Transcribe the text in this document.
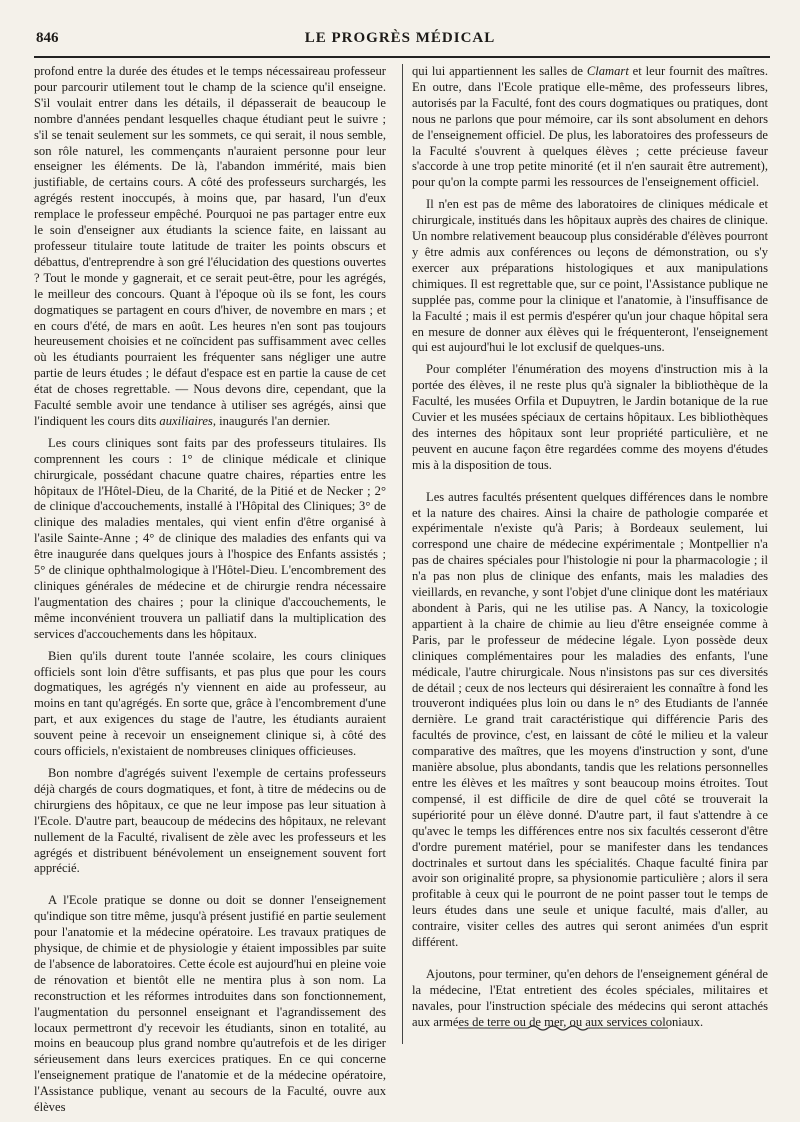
846	LE PROGRÈS MÉDICAL

profond entre la durée des études et le temps nécessaireau professeur pour parcourir utilement tout le champ de la science qu'il enseigne. S'il voulait entrer dans les détails, il dépasserait de beaucoup le nombre d'années pendant lesquelles chaque étudiant peut le suivre ; s'il se tenait seulement sur les sommets, ce qui serait, il nous semble, son rôle naturel, les commençants n'auraient personne pour leur enseigner les éléments. De là, l'abandon immérité, mais bien justifiable, de certains cours. A côté des professeurs surchargés, les agrégés restent inoccupés, à moins que, par hasard, l'un d'eux remplace le professeur empêché. Pourquoi ne pas partager entre eux le soin d'enseigner aux étudiants la science faite, en laissant au professeur titulaire toute latitude de traiter les points obscurs et débattus, d'entreprendre à son gré l'élucidation des questions ouvertes ? Tout le monde y gagnerait, et ce serait peut-être, pour les agrégés, le meilleur des concours. Quant à l'époque où ils se font, les cours dogmatiques se partagent en cours d'hiver, de novembre en mars ; et en cours d'été, de mars en août. Les heures n'en sont pas toujours heureusement choisies et ne coïncident pas suffisamment avec celles où les étudiants pourraient les fréquenter sans négliger une autre partie de leurs études ; le défaut d'espace est en partie la cause de cet état de choses regrettable. — Nous devons dire, cependant, que la Faculté semble avoir une tendance à utiliser ses agrégés, ainsi que l'indiquent les cours dits auxiliaires, inaugurés l'an dernier.

Les cours cliniques sont faits par des professeurs titulaires. Ils comprennent les cours : 1° de clinique médicale et clinique chirurgicale, possédant chacune quatre chaires, réparties entre les hôpitaux de l'Hôtel-Dieu, de la Charité, de la Pitié et de Necker ; 2° de clinique d'accouchements, installé à l'Hôpital des Cliniques; 3° de clinique des maladies mentales, qui vient enfin d'être organisé à l'asile Sainte-Anne ; 4° de clinique des maladies des enfants qui va être inaugurée dans quelques jours à l'hospice des Enfants assistés ; 5° de clinique ophthalmologique à l'Hôtel-Dieu. L'encombrement des cliniques générales de médecine et de chirurgie rendra nécessaire l'augmentation des chaires ; pour la clinique d'accouchements, le même inconvénient trouvera un palliatif dans la multiplication des services d'accouchements dans les hôpitaux.

Bien qu'ils durent toute l'année scolaire, les cours cliniques officiels sont loin d'être suffisants, et pas plus que pour les cours dogmatiques, les agrégés n'y viennent en aide au professeur, au moins en tant qu'agrégés. En sorte que, grâce à l'encombrement d'une part, et aux exigences du stage de l'autre, les étudiants auraient souvent peine à recevoir un enseignement clinique si, à côté des cours officiels, n'existaient de nombreuses cliniques officieuses.

Bon nombre d'agrégés suivent l'exemple de certains professeurs déjà chargés de cours dogmatiques, et font, à titre de médecins ou de chirurgiens des hôpitaux, ce que ne leur impose pas leur situation à l'Ecole. D'autre part, beaucoup de médecins des hôpitaux, ne relevant nullement de la Faculté, rivalisent de zèle avec les professeurs et les agrégés et distribuent bénévolement un enseignement souvent fort apprécié.

A l'Ecole pratique se donne ou doit se donner l'enseignement qu'indique son titre même, jusqu'à présent justifié en partie seulement pour l'anatomie et la médecine opératoire. Les travaux pratiques de physique, de chimie et de physiologie y étaient impossibles par suite de l'absence de laboratoires. Cette école est aujourd'hui en pleine voie de rénovation et bientôt elle ne mentira plus à son nom. La reconstruction et les réformes introduites dans son fonctionnement, l'augmentation du personnel enseignant et l'agrandissement des locaux permettront d'y recevoir les étudiants, sinon en totalité, au moins en beaucoup plus grand nombre qu'autrefois et de les diriger sérieusement dans leurs exercices pratiques. En ce qui concerne l'enseignement pratique de l'anatomie et de la médecine opératoire, l'Assistance publique, venant au secours de la Faculté, ouvre aux élèves

qui lui appartiennent les salles de Clamart et leur fournit des maîtres. En outre, dans l'Ecole pratique elle-même, des professeurs libres, autorisés par la Faculté, font des cours dogmatiques ou pratiques, dont nous ne parlons que pour mémoire, car ils sont absolument en dehors de l'enseignement officiel. De plus, les laboratoires des professeurs de la Faculté s'ouvrent à quelques élèves ; cette précieuse faveur s'accorde à une trop petite minorité (et il n'en saurait être autrement), pour qu'on la compte parmi les ressources de l'enseignement officiel.

Il n'en est pas de même des laboratoires de cliniques médicale et chirurgicale, institués dans les hôpitaux auprès des chaires de clinique. Un nombre relativement beaucoup plus considérable d'élèves pourront y être admis aux conférences ou leçons de démonstration, ou s'y exercer aux préparations histologiques et aux manipulations chimiques. Il est regrettable que, sur ce point, l'Assistance publique ne supplée pas, comme pour la clinique et l'anatomie, à l'insuffisance de la Faculté ; mais il est permis d'espérer qu'un jour chaque hôpital sera en mesure de donner aux élèves qui le fréquenteront, l'enseignement qui est aujourd'hui le lot exclusif de quelques-uns.

Pour compléter l'énumération des moyens d'instruction mis à la portée des élèves, il ne reste plus qu'à signaler la bibliothèque de la Faculté, les musées Orfila et Dupuytren, le Jardin botanique de la rue Cuvier et les musées spéciaux de certains hôpitaux. Les bibliothèques des internes des hôpitaux sont leur propriété particulière, et ne peuvent en aucune façon être regardées comme des moyens d'études mis à la disposition de tous.

Les autres facultés présentent quelques différences dans le nombre et la nature des chaires. Ainsi la chaire de pathologie comparée et expérimentale n'existe qu'à Paris; à Bordeaux seulement, lui correspond une chaire de médecine expérimentale ; Montpellier n'a pas de chaires spéciales pour l'histologie ni pour la pharmacologie ; il n'a pas non plus de clinique des enfants, mais les maladies des vieillards, en revanche, y sont l'objet d'une clinique dont les matériaux abondent à Paris, qui ne les utilise pas. A Nancy, la toxicologie appartient à la chaire de chimie au lieu d'être enseignée comme à Paris, par le professeur de médecine légale. Lyon possède deux cliniques complémentaires pour les maladies des enfants, l'une médicale, l'autre chirurgicale. Nous n'insistons pas sur ces diversités de détail ; ceux de nos lecteurs qui désireraient les connaître à fond les trouveront indiquées plus loin ou dans le n° des Etudiants de l'année dernière. Le grand trait caractéristique qui différencie Paris des facultés de province, c'est, en laissant de côté le milieu et la valeur comparative des maîtres, que les moyens d'instruction y sont, d'une manière absolue, plus abondants, tandis que les relations personnelles entre les élèves et les maîtres y sont beaucoup moins étroites. Tout compensé, il est difficile de dire de quel côté se trouverait la supériorité pour un élève donné. D'autre part, il faut s'attendre à ce qu'avec le temps les différences entre nos six facultés cesseront d'être d'ordre purement matériel, pour se manifester dans les tendances doctrinales et surtout dans les spécialités. Chaque faculté finira par avoir son originalité propre, sa physionomie particulière ; alors il sera profitable à ceux qui le pourront de ne point passer tout le temps de leurs études dans une seule et unique faculté, mais d'aller, au contraire, visiter celles des autres qui seront animées d'un esprit différent.

Ajoutons, pour terminer, qu'en dehors de l'enseignement général de la médecine, l'Etat entretient des écoles spéciales, militaires et navales, pour l'instruction spéciale des médecins qui seront attachés aux armées de terre ou de mer, ou aux services coloniaux.
